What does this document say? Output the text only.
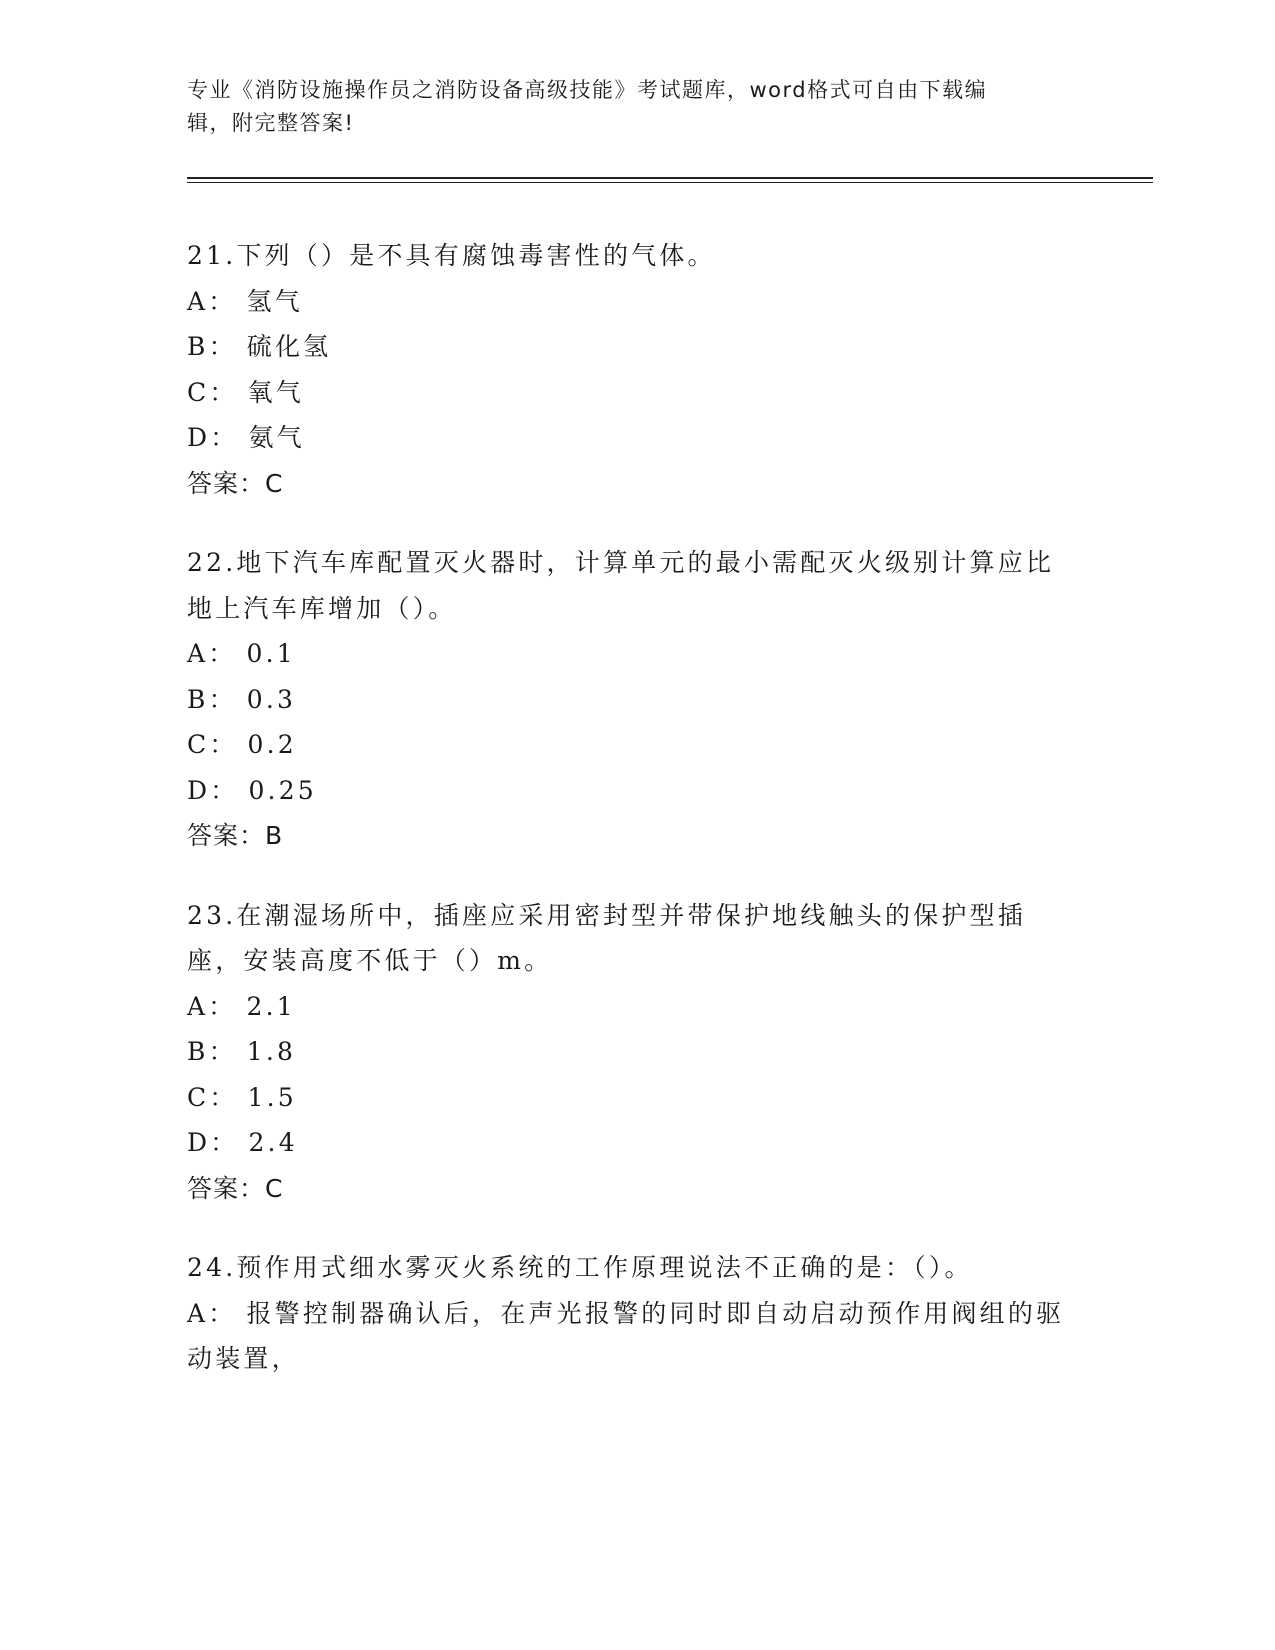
专业《消防设施操作员之消防设备高级技能》考试题库，word格式可自由下载编
辑，附完整答案!
21.下列（）是不具有腐蚀毒害性的气体。
A： 氢气
B： 硫化氢
C： 氧气
D： 氨气
答案：C
22.地下汽车库配置灭火器时，计算单元的最小需配灭火级别计算应比地上汽车库增加（）。
A： 0.1
B： 0.3
C： 0.2
D： 0.25
答案：B
23.在潮湿场所中，插座应采用密封型并带保护地线触头的保护型插座，安装高度不低于（）m。
A： 2.1
B： 1.8
C： 1.5
D： 2.4
答案：C
24.预作用式细水雾灭火系统的工作原理说法不正确的是：（）。
A： 报警控制器确认后，在声光报警的同时即自动启动预作用阀组的驱动装置，
